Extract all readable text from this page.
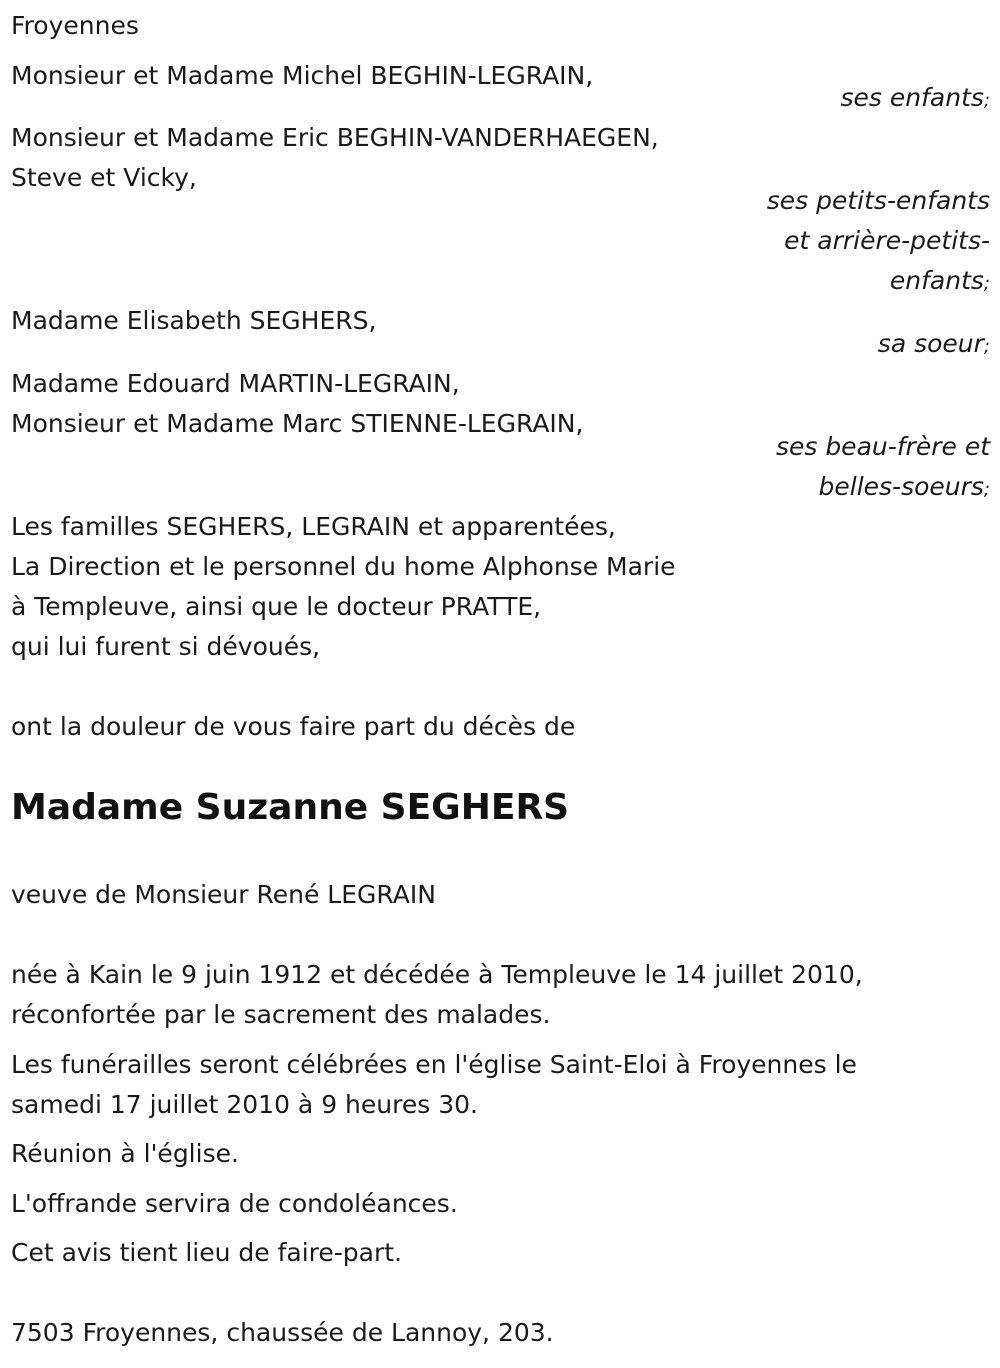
Froyennes
Monsieur et Madame Michel BEGHIN-LEGRAIN,
ses enfants;
Monsieur et Madame Eric BEGHIN-VANDERHAEGEN,
Steve et Vicky,
ses petits-enfants
et arrière-petits-
enfants;
Madame Elisabeth SEGHERS,
sa soeur;
Madame Edouard MARTIN-LEGRAIN,
Monsieur et Madame Marc STIENNE-LEGRAIN,
ses beau-frère et
belles-soeurs;
Les familles SEGHERS, LEGRAIN et apparentées,
La Direction et le personnel du home Alphonse Marie
à Templeuve, ainsi que le docteur PRATTE,
qui lui furent si dévoués,
ont la douleur de vous faire part du décès de
Madame Suzanne SEGHERS
veuve de Monsieur René LEGRAIN
née à Kain le 9 juin 1912 et décédée à Templeuve le 14 juillet 2010,
réconfortée par le sacrement des malades.
Les funérailles seront célébrées en l'église Saint-Eloi à Froyennes le
samedi 17 juillet 2010 à 9 heures 30.
Réunion à l'église.
L'offrande servira de condoléances.
Cet avis tient lieu de faire-part.
7503 Froyennes, chaussée de Lannoy, 203.
